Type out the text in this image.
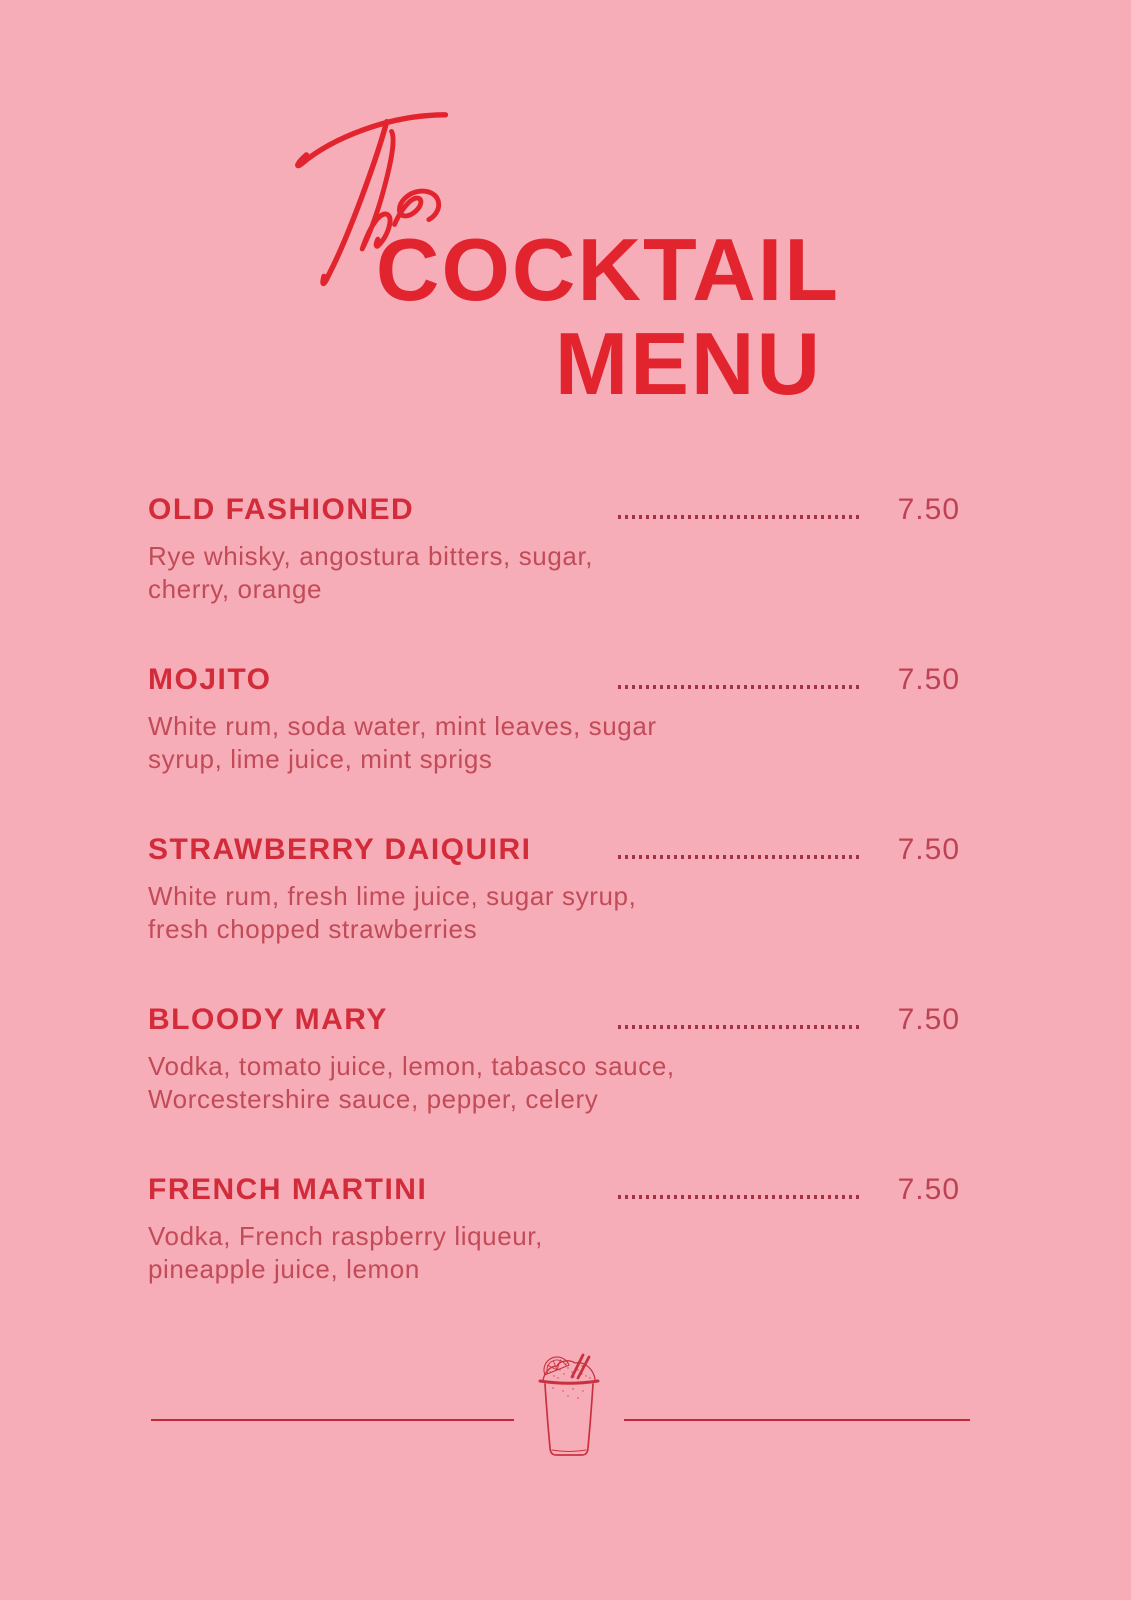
COCKTAIL
MENU
OLD FASHIONED	7.50
Rye whisky, angostura bitters, sugar,
cherry, orange
MOJITO	7.50
White rum, soda water, mint leaves, sugar
syrup, lime juice, mint sprigs
STRAWBERRY DAIQUIRI	7.50
White rum, fresh lime juice, sugar syrup,
fresh chopped strawberries
BLOODY MARY	7.50
Vodka, tomato juice, lemon, tabasco sauce,
Worcestershire sauce, pepper, celery
FRENCH MARTINI	7.50
Vodka, French raspberry liqueur,
pineapple juice, lemon
